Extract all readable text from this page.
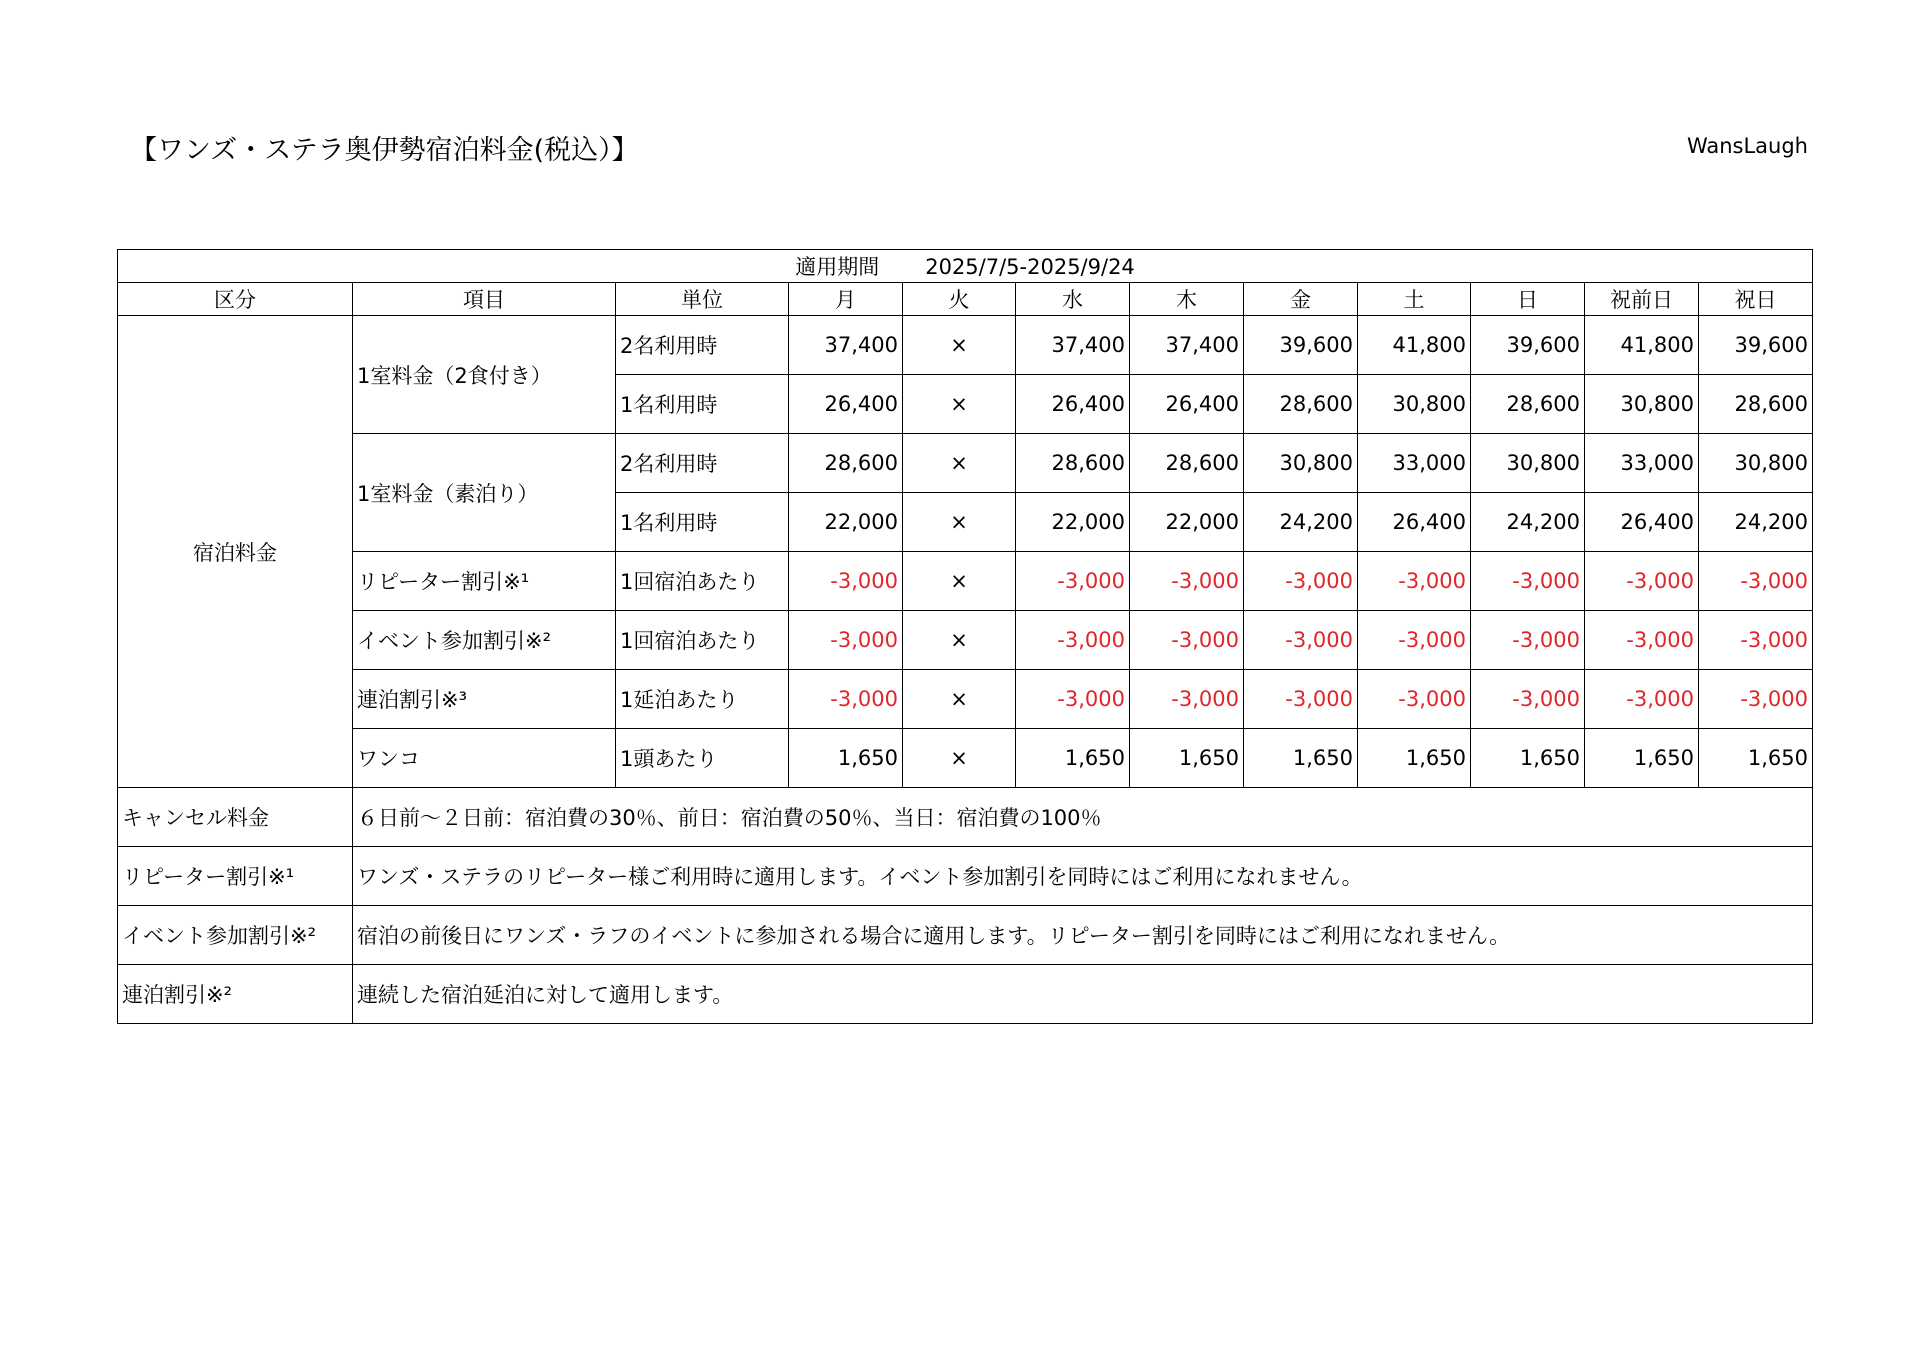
【ワンズ・ステラ奥伊勢宿泊料金(税込）】	WansLaugh
適用期間 2025/7/5-2025/9/24											
区分	項目	単位	月	火	水	木	金	土	日	祝前日	祝日
宿泊料金	1室料金（2食付き）	2名利用時	37,400	×	37,400	37,400	39,600	41,800	39,600	41,800	39,600
		1名利用時	26,400	×	26,400	26,400	28,600	30,800	28,600	30,800	28,600
	1室料金（素泊り）	2名利用時	28,600	×	28,600	28,600	30,800	33,000	30,800	33,000	30,800
		1名利用時	22,000	×	22,000	22,000	24,200	26,400	24,200	26,400	24,200
	リピーター割引※¹	1回宿泊あたり	-3,000	×	-3,000	-3,000	-3,000	-3,000	-3,000	-3,000	-3,000
	イベント参加割引※²	1回宿泊あたり	-3,000	×	-3,000	-3,000	-3,000	-3,000	-3,000	-3,000	-3,000
	連泊割引※³	1延泊あたり	-3,000	×	-3,000	-3,000	-3,000	-3,000	-3,000	-3,000	-3,000
	ワンコ	1頭あたり	1,650	×	1,650	1,650	1,650	1,650	1,650	1,650	1,650
キャンセル料金	６日前～２日前：宿泊費の30％、前日：宿泊費の50％、当日：宿泊費の100％										
リピーター割引※¹	ワンズ・ステラのリピーター様ご利用時に適用します。イベント参加割引を同時にはご利用になれません。										
イベント参加割引※²	宿泊の前後日にワンズ・ラフのイベントに参加される場合に適用します。リピーター割引を同時にはご利用になれません。										
連泊割引※²	連続した宿泊延泊に対して適用します。										
